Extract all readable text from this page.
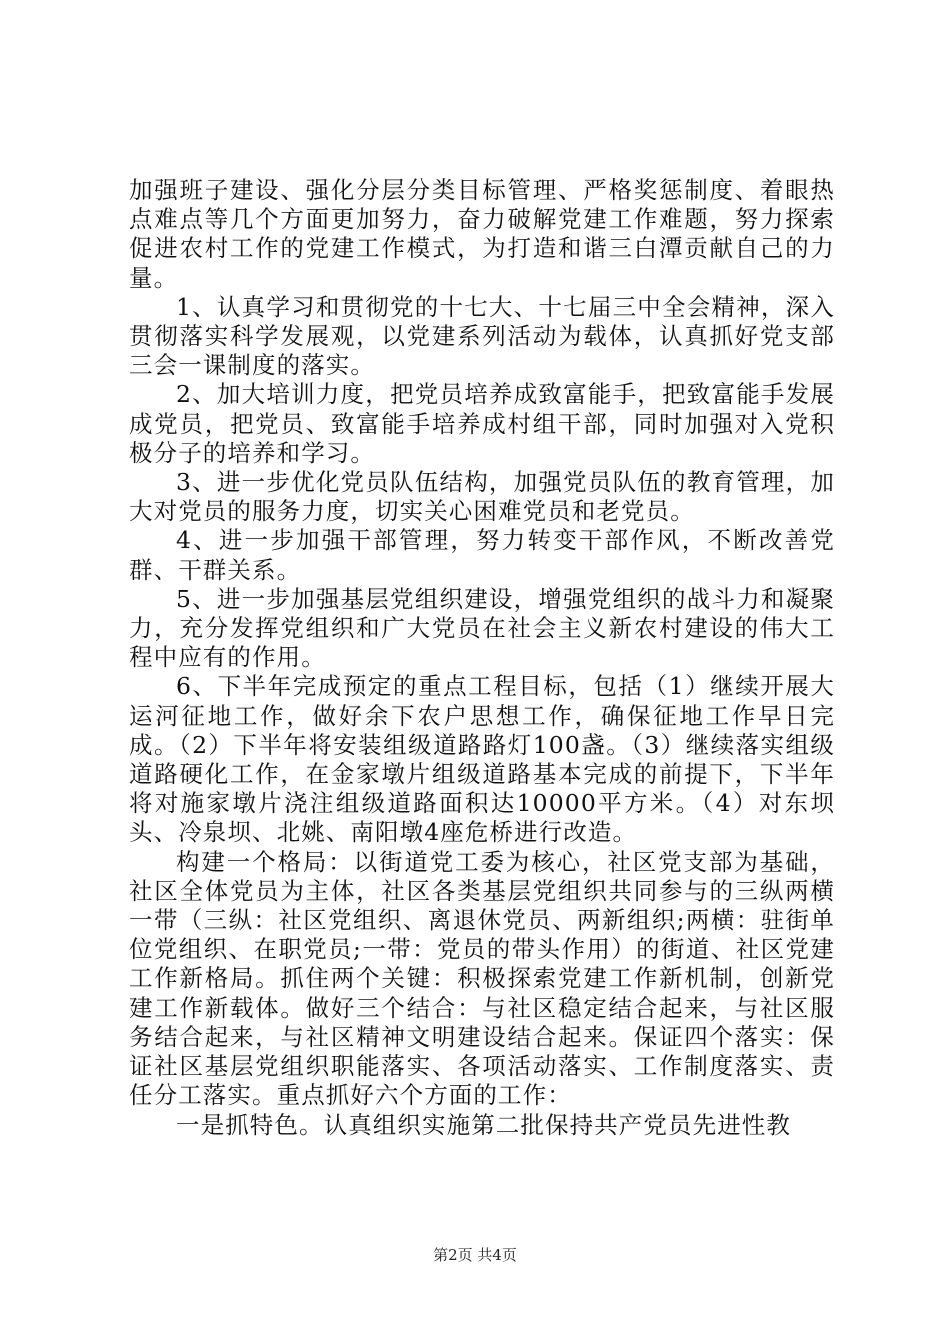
加强班子建设、强化分层分类目标管理、严格奖惩制度、着眼热点难点等几个方面更加努力，奋力破解党建工作难题，努力探索促进农村工作的党建工作模式，为打造和谐三白潭贡献自己的力量。

1、认真学习和贯彻党的十七大、十七届三中全会精神，深入贯彻落实科学发展观，以党建系列活动为载体，认真抓好党支部三会一课制度的落实。

2、加大培训力度，把党员培养成致富能手，把致富能手发展成党员，把党员、致富能手培养成村组干部，同时加强对入党积极分子的培养和学习。

3、进一步优化党员队伍结构，加强党员队伍的教育管理，加大对党员的服务力度，切实关心困难党员和老党员。

4、进一步加强干部管理，努力转变干部作风，不断改善党群、干群关系。

5、进一步加强基层党组织建设，增强党组织的战斗力和凝聚力，充分发挥党组织和广大党员在社会主义新农村建设的伟大工程中应有的作用。

6、下半年完成预定的重点工程目标，包括（1）继续开展大运河征地工作，做好余下农户思想工作，确保征地工作早日完成。（2）下半年将安装组级道路路灯100盏。（3）继续落实组级道路硬化工作，在金家墩片组级道路基本完成的前提下，下半年将对施家墩片浇注组级道路面积达10000平方米。（4）对东坝头、冷泉坝、北姚、南阳墩4座危桥进行改造。

构建一个格局：以街道党工委为核心，社区党支部为基础，社区全体党员为主体，社区各类基层党组织共同参与的三纵两横一带（三纵：社区党组织、离退休党员、两新组织;两横：驻街单位党组织、在职党员;一带：党员的带头作用）的街道、社区党建工作新格局。抓住两个关键：积极探索党建工作新机制，创新党建工作新载体。做好三个结合：与社区稳定结合起来，与社区服务结合起来，与社区精神文明建设结合起来。保证四个落实：保证社区基层党组织职能落实、各项活动落实、工作制度落实、责任分工落实。重点抓好六个方面的工作：

一是抓特色。认真组织实施第二批保持共产党员先进性教

第2页 共4页
